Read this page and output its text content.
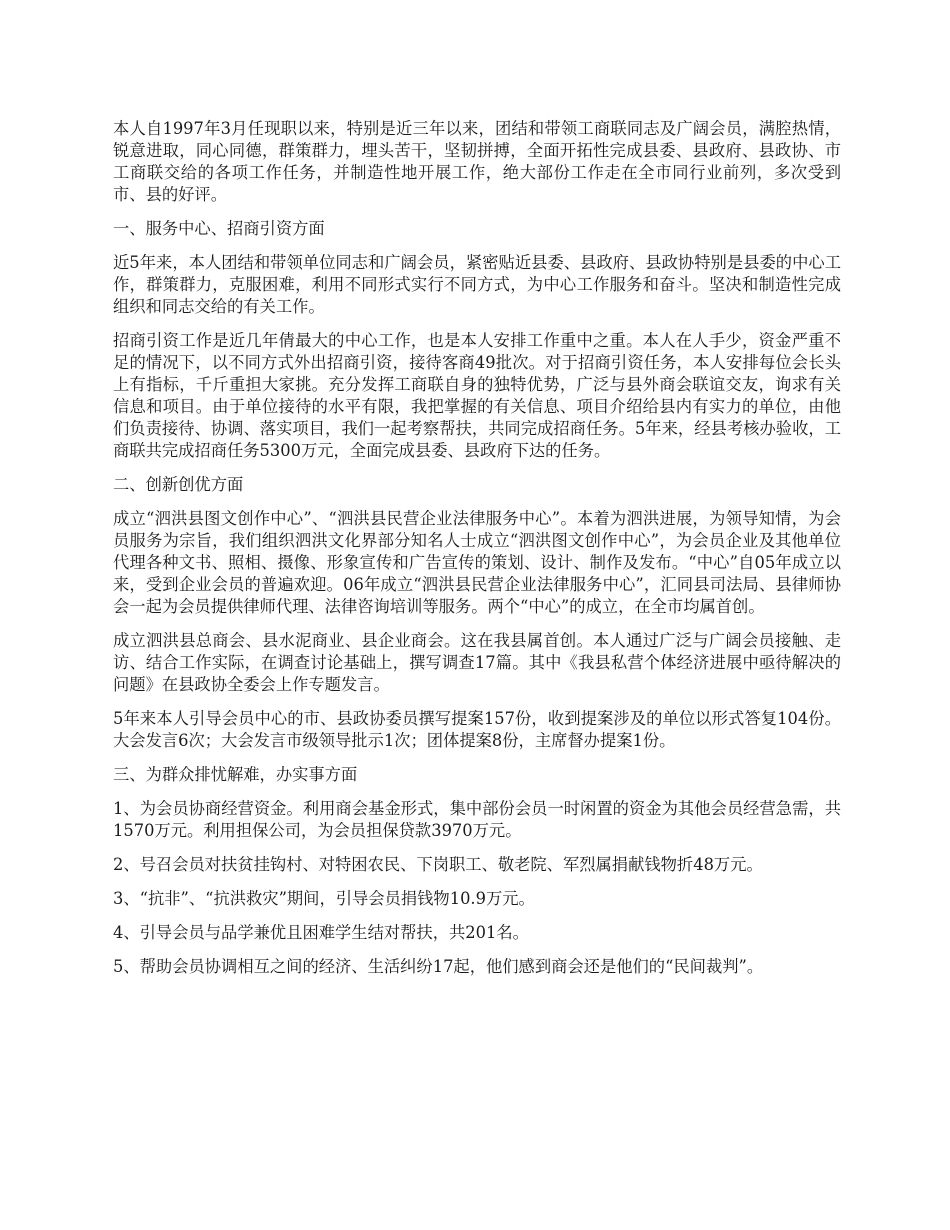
本人自1997年3月任现职以来，特别是近三年以来，团结和带领工商联同志及广阔会员，满腔热情，锐意进取，同心同德，群策群力，埋头苦干，坚韧拼搏，全面开拓性完成县委、县政府、县政协、市工商联交给的各项工作任务，并制造性地开展工作，绝大部份工作走在全市同行业前列，多次受到市、县的好评。

一、服务中心、招商引资方面

近5年来，本人团结和带领单位同志和广阔会员，紧密贴近县委、县政府、县政协特别是县委的中心工作，群策群力，克服困难，利用不同形式实行不同方式，为中心工作服务和奋斗。坚决和制造性完成组织和同志交给的有关工作。

招商引资工作是近几年倩最大的中心工作，也是本人安排工作重中之重。本人在人手少，资金严重不足的情况下，以不同方式外出招商引资，接待客商49批次。对于招商引资任务，本人安排每位会长头上有指标，千斤重担大家挑。充分发挥工商联自身的独特优势，广泛与县外商会联谊交友，询求有关信息和项目。由于单位接待的水平有限，我把掌握的有关信息、项目介绍给县内有实力的单位，由他们负责接待、协调、落实项目，我们一起考察帮扶，共同完成招商任务。5年来，经县考核办验收，工商联共完成招商任务5300万元，全面完成县委、县政府下达的任务。

二、创新创优方面

成立“泗洪县图文创作中心”、“泗洪县民营企业法律服务中心”。本着为泗洪进展，为领导知情，为会员服务为宗旨，我们组织泗洪文化界部分知名人士成立“泗洪图文创作中心”，为会员企业及其他单位代理各种文书、照相、摄像、形象宣传和广告宣传的策划、设计、制作及发布。“中心”自05年成立以来，受到企业会员的普遍欢迎。06年成立“泗洪县民营企业法律服务中心”，汇同县司法局、县律师协会一起为会员提供律师代理、法律咨询培训等服务。两个“中心”的成立，在全市均属首创。

成立泗洪县总商会、县水泥商业、县企业商会。这在我县属首创。本人通过广泛与广阔会员接触、走访、结合工作实际，在调查讨论基础上，撰写调查17篇。其中《我县私营个体经济进展中亟待解决的问题》在县政协全委会上作专题发言。

5年来本人引导会员中心的市、县政协委员撰写提案157份，收到提案涉及的单位以形式答复104份。大会发言6次；大会发言市级领导批示1次；团体提案8份，主席督办提案1份。

三、为群众排忧解难，办实事方面

1、为会员协商经营资金。利用商会基金形式，集中部份会员一时闲置的资金为其他会员经营急需，共1570万元。利用担保公司，为会员担保贷款3970万元。

2、号召会员对扶贫挂钩村、对特困农民、下岗职工、敬老院、军烈属捐献钱物折48万元。

3、“抗非”、“抗洪救灾”期间，引导会员捐钱物10.9万元。

4、引导会员与品学兼优且困难学生结对帮扶，共201名。

5、帮助会员协调相互之间的经济、生活纠纷17起，他们感到商会还是他们的“民间裁判”。
